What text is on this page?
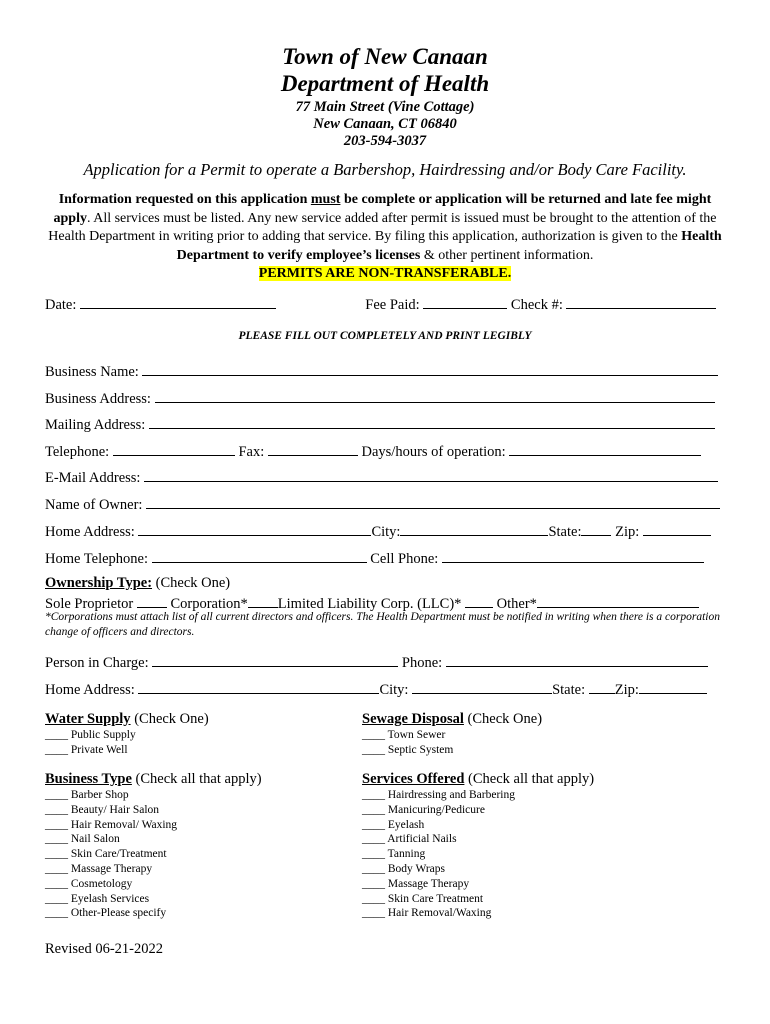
Town of New Canaan
Department of Health
77 Main Street (Vine Cottage)
New Canaan, CT 06840
203-594-3037
Application for a Permit to operate a Barbershop, Hairdressing and/or Body Care Facility.
Information requested on this application must be complete or application will be returned and late fee might apply. All services must be listed. Any new service added after permit is issued must be brought to the attention of the Health Department in writing prior to adding that service. By filing this application, authorization is given to the Health Department to verify employee’s licenses & other pertinent information.
PERMITS ARE NON-TRANSFERABLE.
Date:	Fee Paid:	Check #:
PLEASE FILL OUT COMPLETELY AND PRINT LEGIBLY
Business Name:
Business Address:
Mailing Address:
Telephone:	Fax:	Days/hours of operation:
E-Mail Address:
Name of Owner:
Home Address:	City:	State: Zip:
Home Telephone:	Cell Phone:
Ownership Type: (Check One)
Sole Proprietor	Corporation* Limited Liability Corp. (LLC)* Other*
*Corporations must attach list of all current directors and officers. The Health Department must be notified in writing when there is a corporation change of officers and directors.
Person in Charge:	Phone:
Home Address:	City:	State: Zip:
Water Supply (Check One)
____ Public Supply
____ Private Well
Sewage Disposal (Check One)
____ Town Sewer
____ Septic System
Business Type (Check all that apply)
____ Barber Shop
____ Beauty/ Hair Salon
____ Hair Removal/ Waxing
____ Nail Salon
____ Skin Care/Treatment
____ Massage Therapy
____ Cosmetology
____ Eyelash Services
____ Other-Please specify
Services Offered (Check all that apply)
____ Hairdressing and Barbering
____ Manicuring/Pedicure
____ Eyelash
____ Artificial Nails
____ Tanning
____ Body Wraps
____ Massage Therapy
____ Skin Care Treatment
____ Hair Removal/Waxing
Revised 06-21-2022
